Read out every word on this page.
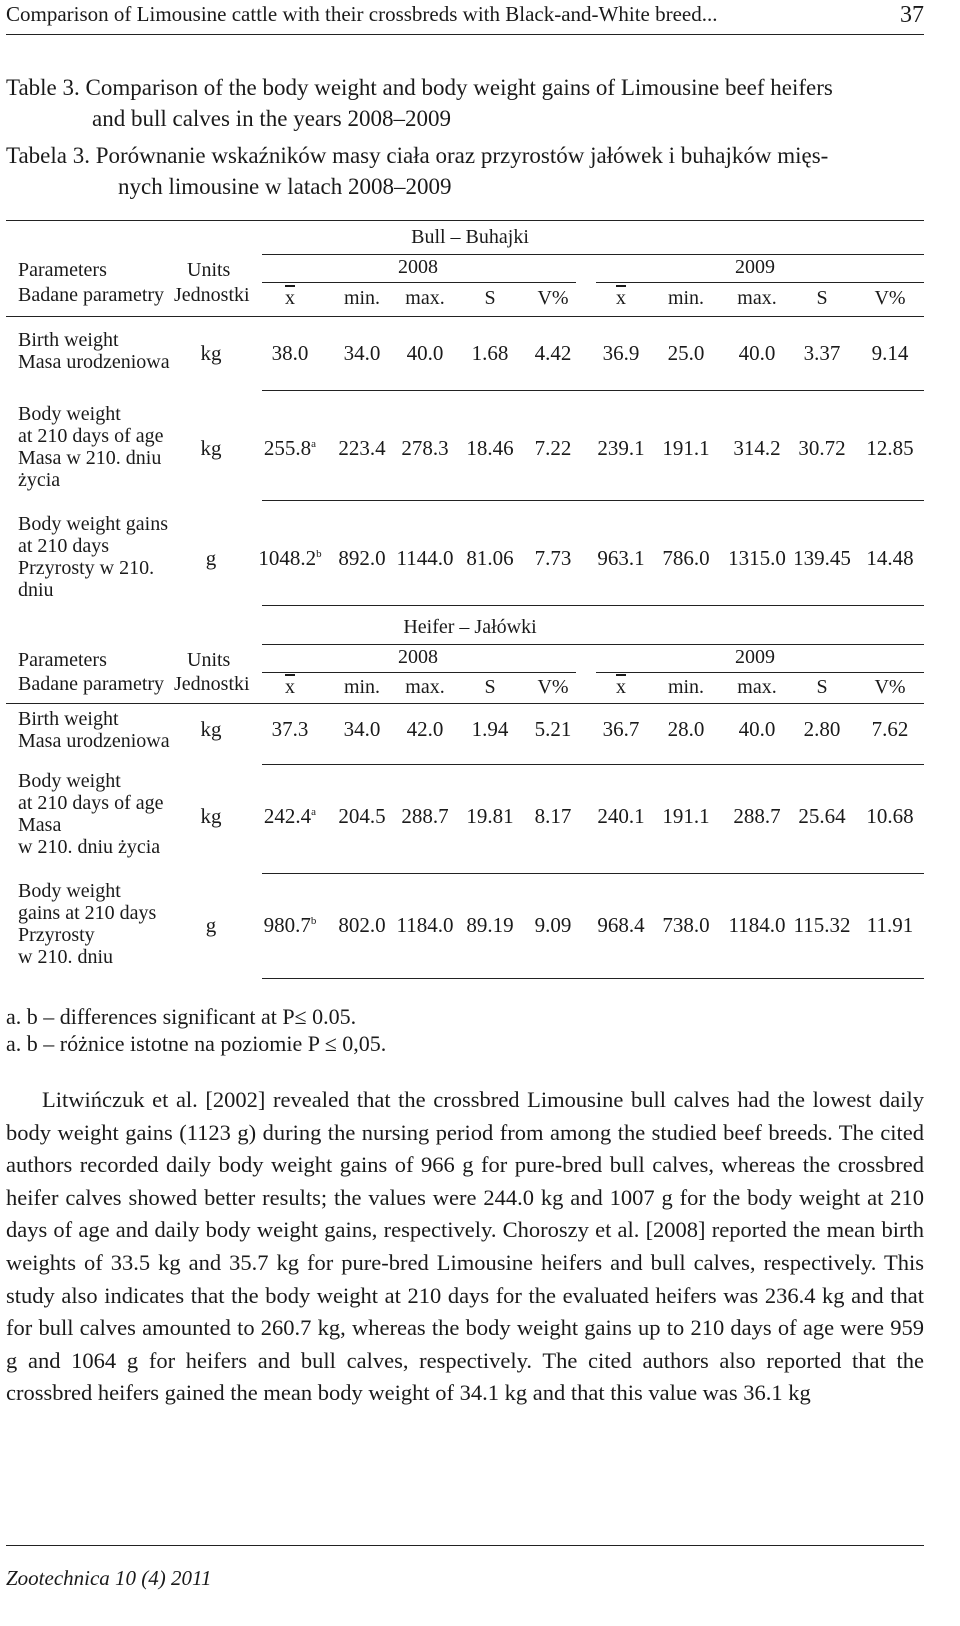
Comparison of Limousine cattle with their crossbreds with Black-and-White breed...	37
Table 3. Comparison of the body weight and body weight gains of Limousine beef heifers
and bull calves in the years 2008–2009
Tabela 3. Porównanie wskaźników masy ciała oraz przyrostów jałówek i buhajków mięs-
nych limousine w latach 2008–2009
Bull – Buhajki
Parameters
Badane parametry
Units
Jednostki
2008	2009
$\overline{x}$ min. max. S V% $\overline{x}$ min. max. S V%
Birth weight
Masa urodzeniowa	kg 38.0 34.0 40.0 1.68 4.42 36.9 25.0 40.0 3.37 9.14
Body weight
at 210 days of age
Masa w 210. dniu
życia
kg 255.8$^a$ 223.4 278.3 18.46 7.22 239.1 191.1 314.2 30.72 12.85
Body weight gains
at 210 days
Przyrosty w 210.
dniu
g 1048.2$^b$ 892.0 1144.0 81.06 7.73 963.1 786.0 1315.0 139.45 14.48
Heifer – Jałówki
Parameters
Badane parametry
Units
Jednostki
2008	2009
$\overline{x}$ min. max. S V% $\overline{x}$ min. max. S V%
Birth weight
Masa urodzeniowa	kg 37.3 34.0 42.0 1.94 5.21 36.7 28.0 40.0 2.80 7.62
Body weight
at 210 days of age
Masa
w 210. dniu życia
kg 242.4$^a$ 204.5 288.7 19.81 8.17 240.1 191.1 288.7 25.64 10.68
Body weight
gains at 210 days
Przyrosty
w 210. dniu
g 980.7$^b$ 802.0 1184.0 89.19 9.09 968.4 738.0 1184.0 115.32 11.91
a. b – differences significant at P≤ 0.05.
a. b – różnice istotne na poziomie P ≤ 0,05.

Litwińczuk et al. [2002] revealed that the crossbred Limousine bull calves had the lowest daily body weight gains (1123 g) during the nursing period from among the studied beef breeds. The cited authors recorded daily body weight gains of 966 g for pure-bred bull calves, whereas the crossbred heifer calves showed better results; the values were 244.0 kg and 1007 g for the body weight at 210 days of age and daily body weight gains, respectively. Choroszy et al. [2008] reported the mean birth weights of 33.5 kg and 35.7 kg for pure-bred Limousine heifers and bull calves, respectively. This study also indicates that the body weight at 210 days for the evaluated heifers was 236.4 kg and that for bull calves amounted to 260.7 kg, whereas the body weight gains up to 210 days of age were 959 g and 1064 g for heifers and bull calves, respectively. The cited authors also reported that the crossbred heifers gained the mean body weight of 34.1 kg and that this value was 36.1 kg

Zootechnica 10 (4) 2011
